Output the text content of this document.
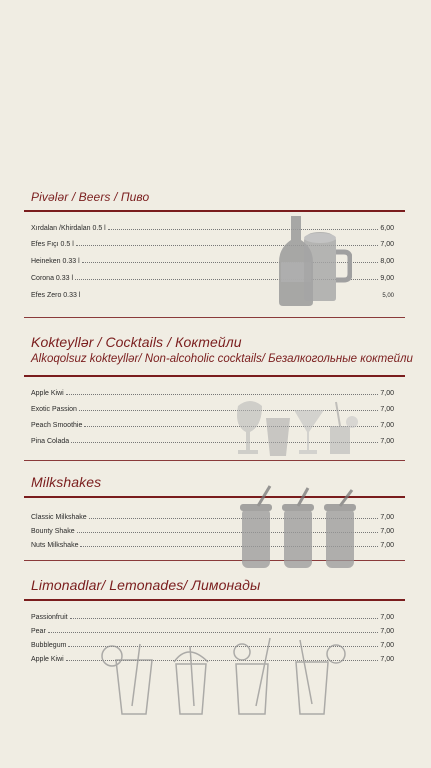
Pivələr / Beers / Пиво
Xırdalan /Khirdalan 0.5 l	6,00
Efes Fıçı 0.5 l	7,00
Heineken 0.33 l	8,00
Corona 0.33 l	9,00
Efes Zero 0.33 l	5,00
Kokteyllər / Cocktails / Коктейли
Alkoqolsuz kokteyllər/ Non-alcoholic cocktails/ Безалкогольные коктейли
Apple Kiwi	7,00
Exotic Passion	7,00
Peach Smoothie	7,00
Pina Colada	7,00
Milkshakes
Classic Milkshake	7,00
Bounty Shake	7,00
Nuts Milkshake	7,00
Limonadlar/ Lemonades/ Лимонады
Passionfruit	7,00
Pear	7,00
Bubblegum	7,00
Apple Kiwi	7,00
